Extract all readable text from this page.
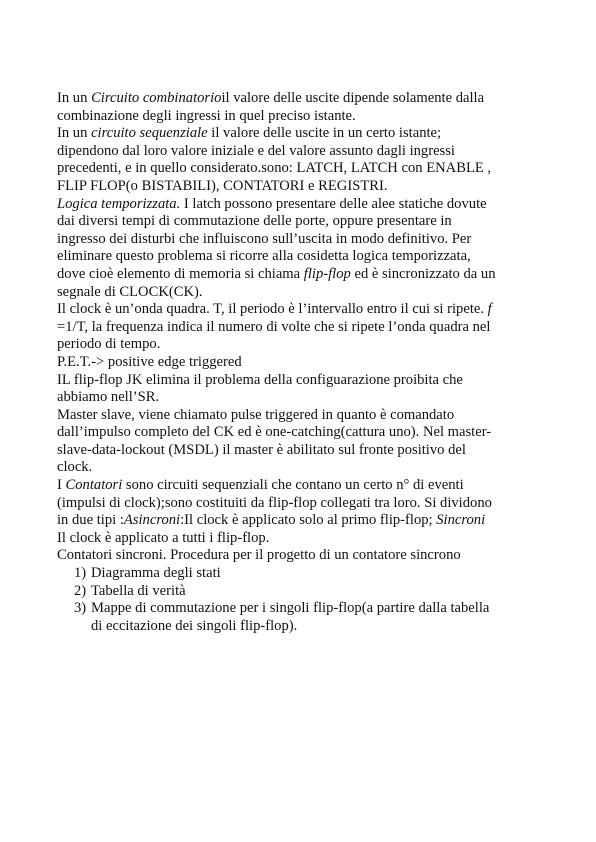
In un Circuito combinatorioil valore delle uscite dipende solamente dalla

combinazione degli ingressi in quel preciso istante.

In un circuito sequenziale il valore delle uscite in un certo istante;

dipendono dal loro valore iniziale e del valore assunto dagli ingressi

precedenti, e in quello considerato.sono: LATCH, LATCH con ENABLE ,

FLIP FLOP(o BISTABILI), CONTATORI e REGISTRI.

Logica temporizzata. I latch possono presentare delle alee statiche dovute

dai diversi tempi di commutazione delle porte, oppure presentare in

ingresso dei disturbi che influiscono sull’uscita in modo definitivo. Per

eliminare questo problema si ricorre alla cosidetta logica temporizzata,

dove cioè elemento di memoria si chiama flip-flop ed è sincronizzato da un

segnale di CLOCK(CK).

Il clock è un’onda quadra. T, il periodo è l’intervallo entro il cui si ripete. f

=1/T, la frequenza indica il numero di volte che si ripete l’onda quadra nel

periodo di tempo.

P.E.T.-> positive edge triggered

IL flip-flop JK elimina il problema della configuarazione proibita che

abbiamo nell’SR.

Master slave, viene chiamato pulse triggered in quanto è comandato

dall’impulso completo del CK ed è one-catching(cattura uno). Nel master-

slave-data-lockout (MSDL) il master è abilitato sul fronte positivo del

clock.

I Contatori sono circuiti sequenziali che contano un certo n° di eventi

(impulsi di clock);sono costituiti da flip-flop collegati tra loro. Si dividono

in due tipi :Asincroni:Il clock è applicato solo al primo flip-flop; Sincroni

Il clock è applicato a tutti i flip-flop.

Contatori sincroni. Procedura per il progetto di un contatore sincrono

1) Diagramma degli stati
2) Tabella di verità
3) Mappe di commutazione per i singoli flip-flop(a partire dalla tabella
di eccitazione dei singoli flip-flop).
